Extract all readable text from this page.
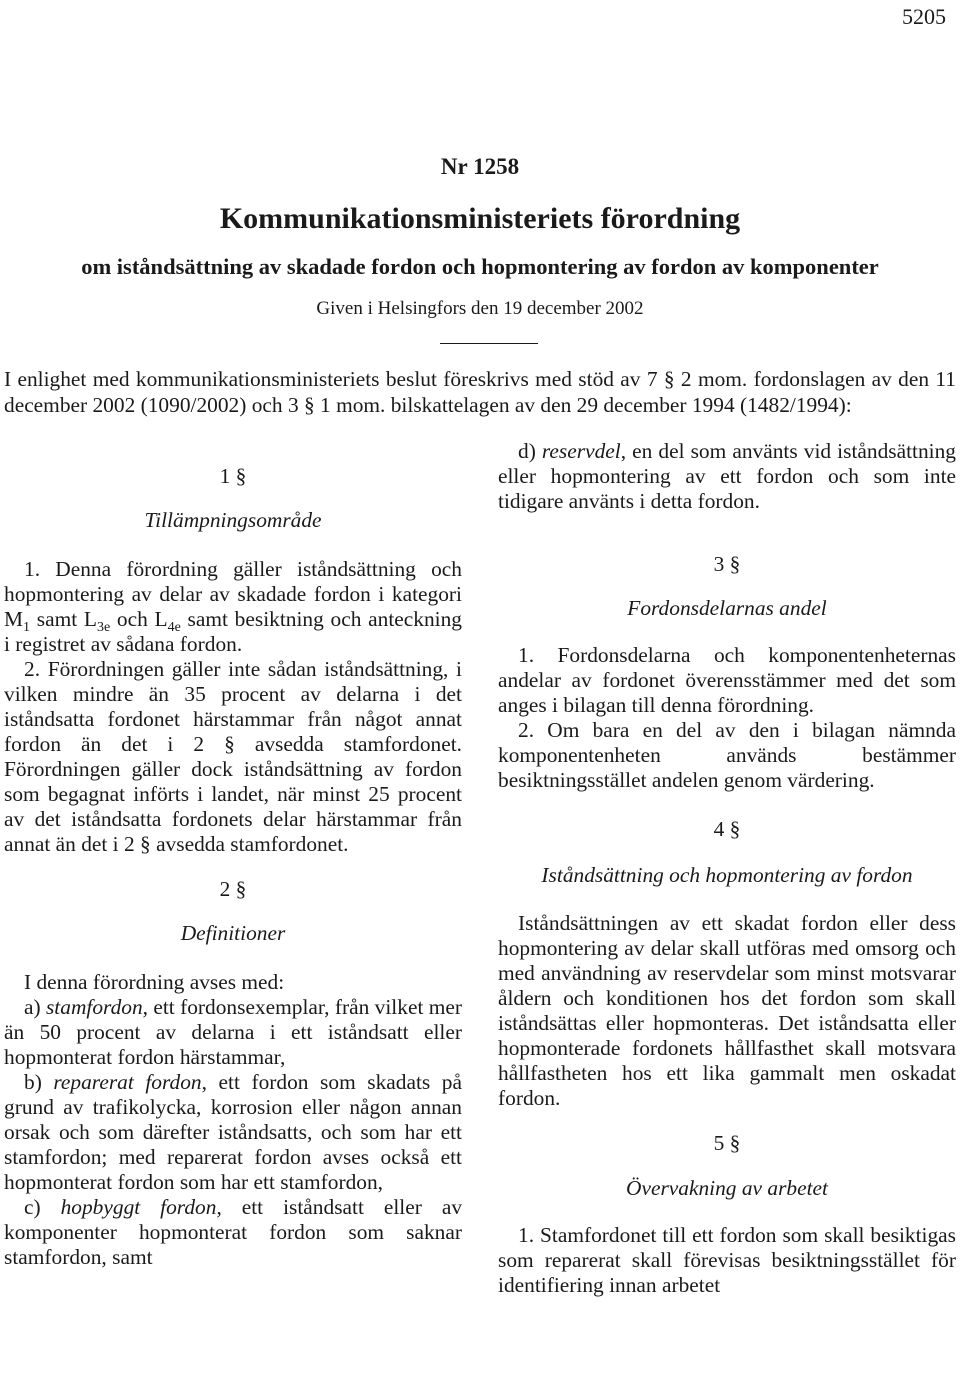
5205
Nr 1258
Kommunikationsministeriets förordning
om iståndsättning av skadade fordon och hopmontering av fordon av komponenter
Given i Helsingfors den 19 december 2002
I enlighet med kommunikationsministeriets beslut föreskrivs med stöd av 7 § 2 mom. fordonslagen av den 11 december 2002 (1090/2002) och 3 § 1 mom. bilskattelagen av den 29 december 1994 (1482/1994):
1 §
Tillämpningsområde

1. Denna förordning gäller iståndsättning och hopmontering av delar av skadade fordon i kategori $M_1$ samt $L_{3e}$ och $L_{4e}$ samt besiktning och anteckning i registret av sådana fordon.

2. Förordningen gäller inte sådan iståndsättning, i vilken mindre än 35 procent av delarna i det iståndsatta fordonet härstammar från något annat fordon än det i 2 § avsedda stamfordonet. Förordningen gäller dock iståndsättning av fordon som begagnat införts i landet, när minst 25 procent av det iståndsatta fordonets delar härstammar från annat än det i 2 § avsedda stamfordonet.

2 §
Definitioner

I denna förordning avses med:

a) stamfordon, ett fordonsexemplar, från vilket mer än 50 procent av delarna i ett iståndsatt eller hopmonterat fordon härstammar,

b) reparerat fordon, ett fordon som skadats på grund av trafikolycka, korrosion eller någon annan orsak och som därefter iståndsatts, och som har ett stamfordon; med reparerat fordon avses också ett hopmonterat fordon som har ett stamfordon,

c) hopbyggt fordon, ett iståndsatt eller av komponenter hopmonterat fordon som saknar stamfordon, samt

d) reservdel, en del som använts vid iståndsättning eller hopmontering av ett fordon och som inte tidigare använts i detta fordon.

3 §
Fordonsdelarnas andel

1. Fordonsdelarna och komponentenheternas andelar av fordonet överensstämmer med det som anges i bilagan till denna förordning.

2. Om bara en del av den i bilagan nämnda komponentenheten används bestämmer besiktningsstället andelen genom värdering.

4 §
Iståndsättning och hopmontering av fordon

Iståndsättningen av ett skadat fordon eller dess hopmontering av delar skall utföras med omsorg och med användning av reservdelar som minst motsvarar åldern och konditionen hos det fordon som skall iståndsättas eller hopmonteras. Det iståndsatta eller hopmonterade fordonets hållfasthet skall motsvara hållfastheten hos ett lika gammalt men oskadat fordon.

5 §
Övervakning av arbetet

1. Stamfordonet till ett fordon som skall besiktigas som reparerat skall förevisas besiktningsstället för identifiering innan arbetet
